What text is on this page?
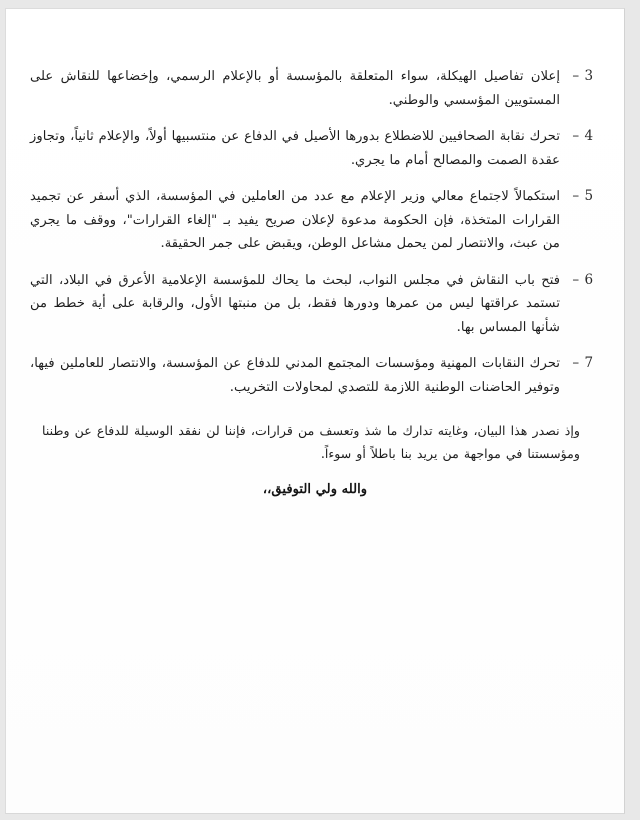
3 –
إعلان تفاصيل الهيكلة، سواء المتعلقة بالمؤسسة أو بالإعلام الرسمي، وإخضاعها للنقاش على المستويين المؤسسي والوطني.
4 –
تحرك نقابة الصحافيين للاضطلاع بدورها الأصيل في الدفاع عن منتسبيها أولاً، والإعلام ثانياً، وتجاوز عقدة الصمت والمصالح أمام ما يجري.
5 –
استكمالاً لاجتماع معالي وزير الإعلام مع عدد من العاملين في المؤسسة، الذي أسفر عن تجميد القرارات المتخذة، فإن الحكومة مدعوة لإعلان صريح يفيد بـ "إلغاء القرارات"، ووقف ما يجري من عبث، والانتصار لمن يحمل مشاعل الوطن، ويقبض على جمر الحقيقة.
6 –
فتح باب النقاش في مجلس النواب، لبحث ما يحاك للمؤسسة الإعلامية الأعرق في البلاد، التي تستمد عراقتها ليس من عمرها ودورها فقط، بل من منبتها الأول، والرقابة على أية خطط من شأنها المساس بها.
7 –
تحرك النقابات المهنية ومؤسسات المجتمع المدني للدفاع عن المؤسسة، والانتصار للعاملين فيها، وتوفير الحاضنات الوطنية اللازمة للتصدي لمحاولات التخريب.
وإذ نصدر هذا البيان، وغايته تدارك ما شذ وتعسف من قرارات، فإننا لن نفقد الوسيلة للدفاع عن وطننا ومؤسستنا في مواجهة من يريد بنا باطلاً أو سوءاً.
والله ولي التوفيق،،
